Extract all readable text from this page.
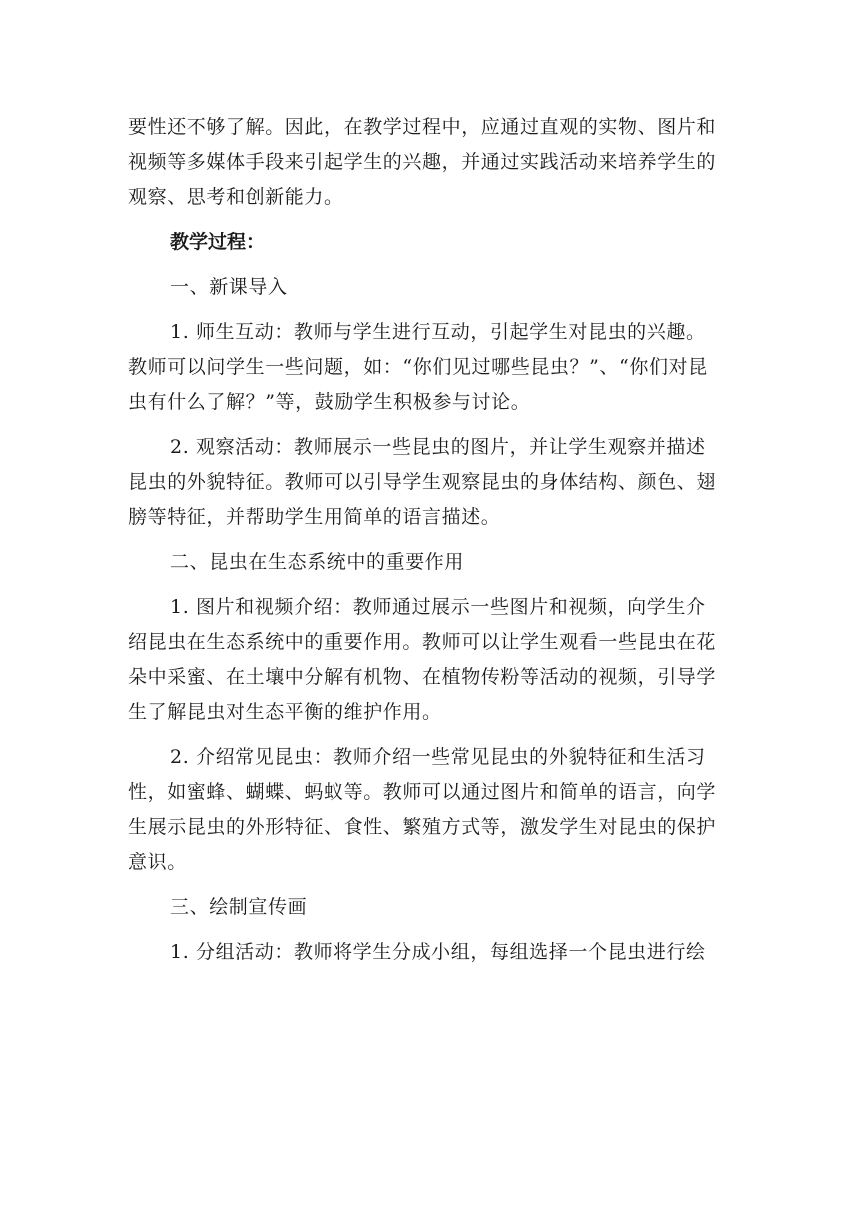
要性还不够了解。因此，在教学过程中，应通过直观的实物、图片和
视频等多媒体手段来引起学生的兴趣，并通过实践活动来培养学生的
观察、思考和创新能力。

教学过程：

一、新课导入

1. 师生互动：教师与学生进行互动，引起学生对昆虫的兴趣。
教师可以问学生一些问题，如：“你们见过哪些昆虫？”、“你们对昆
虫有什么了解？”等，鼓励学生积极参与讨论。
2. 观察活动：教师展示一些昆虫的图片，并让学生观察并描述
昆虫的外貌特征。教师可以引导学生观察昆虫的身体结构、颜色、翅
膀等特征，并帮助学生用简单的语言描述。

二、昆虫在生态系统中的重要作用

1. 图片和视频介绍：教师通过展示一些图片和视频，向学生介
绍昆虫在生态系统中的重要作用。教师可以让学生观看一些昆虫在花
朵中采蜜、在土壤中分解有机物、在植物传粉等活动的视频，引导学
生了解昆虫对生态平衡的维护作用。
2. 介绍常见昆虫：教师介绍一些常见昆虫的外貌特征和生活习
性，如蜜蜂、蝴蝶、蚂蚁等。教师可以通过图片和简单的语言，向学
生展示昆虫的外形特征、食性、繁殖方式等，激发学生对昆虫的保护
意识。

三、绘制宣传画

1. 分组活动：教师将学生分成小组，每组选择一个昆虫进行绘
